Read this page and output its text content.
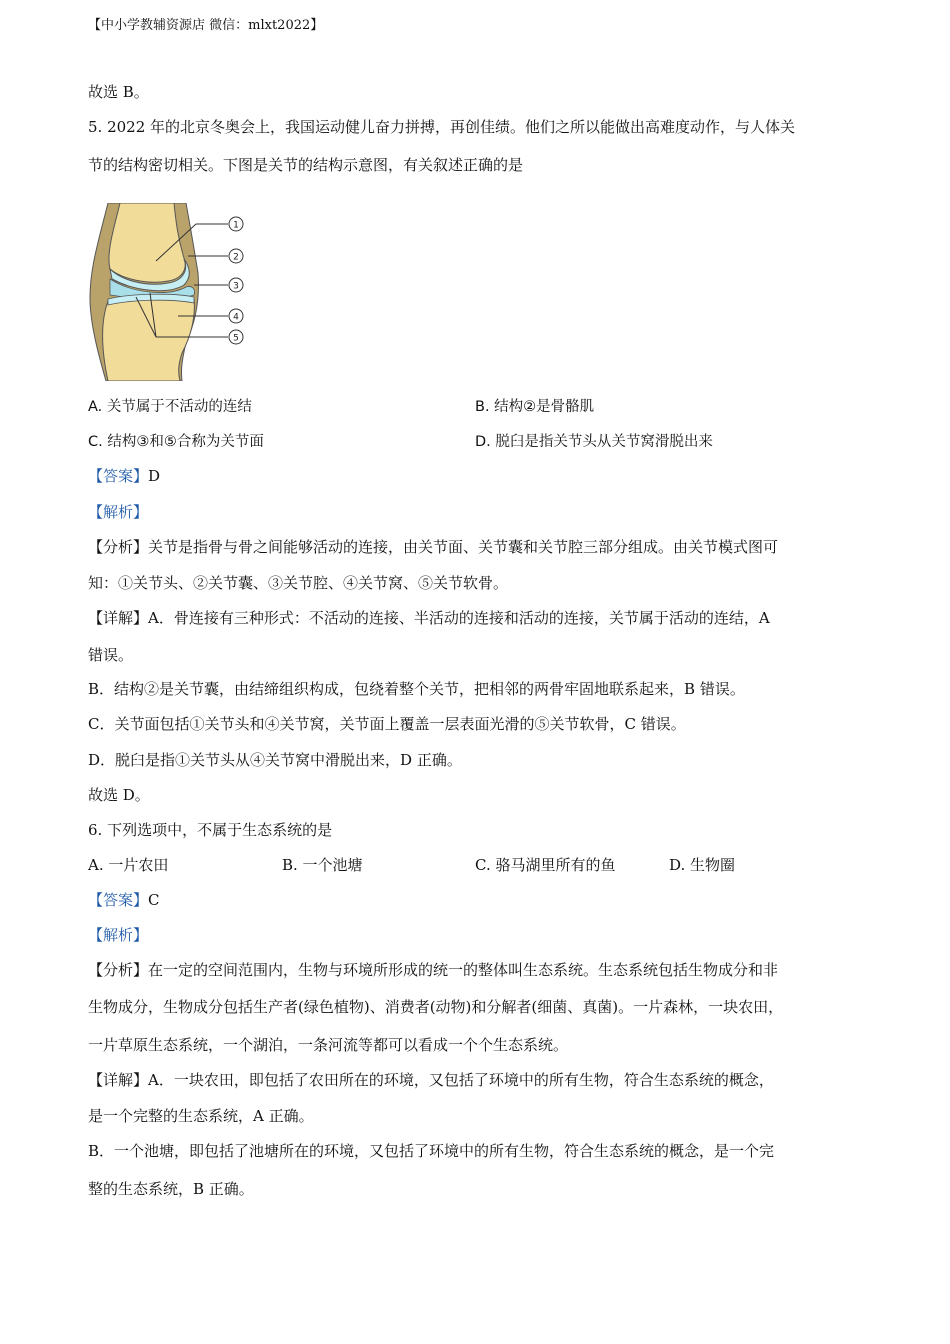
【中小学教辅资源店 微信：mlxt2022】
故选 B。
5. 2022 年的北京冬奥会上，我国运动健儿奋力拼搏，再创佳绩。他们之所以能做出高难度动作，与人体关
节的结构密切相关。下图是关节的结构示意图，有关叙述正确的是
1
2
3
4
5
A. 关节属于不活动的连结	B. 结构②是骨骼肌
C. 结构③和⑤合称为关节面	D. 脱臼是指关节头从关节窝滑脱出来
【答案】D
【解析】
【分析】关节是指骨与骨之间能够活动的连接，由关节面、关节囊和关节腔三部分组成。由关节模式图可
知：①关节头、②关节囊、③关节腔、④关节窝、⑤关节软骨。
【详解】A．骨连接有三种形式：不活动的连接、半活动的连接和活动的连接，关节属于活动的连结，A
错误。
B．结构②是关节囊，由结缔组织构成，包绕着整个关节，把相邻的两骨牢固地联系起来，B 错误。
C．关节面包括①关节头和④关节窝，关节面上覆盖一层表面光滑的⑤关节软骨，C 错误。
D．脱臼是指①关节头从④关节窝中滑脱出来，D 正确。
故选 D。
6. 下列选项中，不属于生态系统的是
A. 一片农田	B. 一个池塘	C. 骆马湖里所有的鱼	D. 生物圈
【答案】C
【解析】
【分析】在一定的空间范围内，生物与环境所形成的统一的整体叫生态系统。生态系统包括生物成分和非
生物成分，生物成分包括生产者(绿色植物)、消费者(动物)和分解者(细菌、真菌)。一片森林，一块农田，
一片草原生态系统，一个湖泊，一条河流等都可以看成一个个生态系统。
【详解】A．一块农田，即包括了农田所在的环境，又包括了环境中的所有生物，符合生态系统的概念，
是一个完整的生态系统，A 正确。
B．一个池塘，即包括了池塘所在的环境，又包括了环境中的所有生物，符合生态系统的概念，是一个完
整的生态系统，B 正确。
